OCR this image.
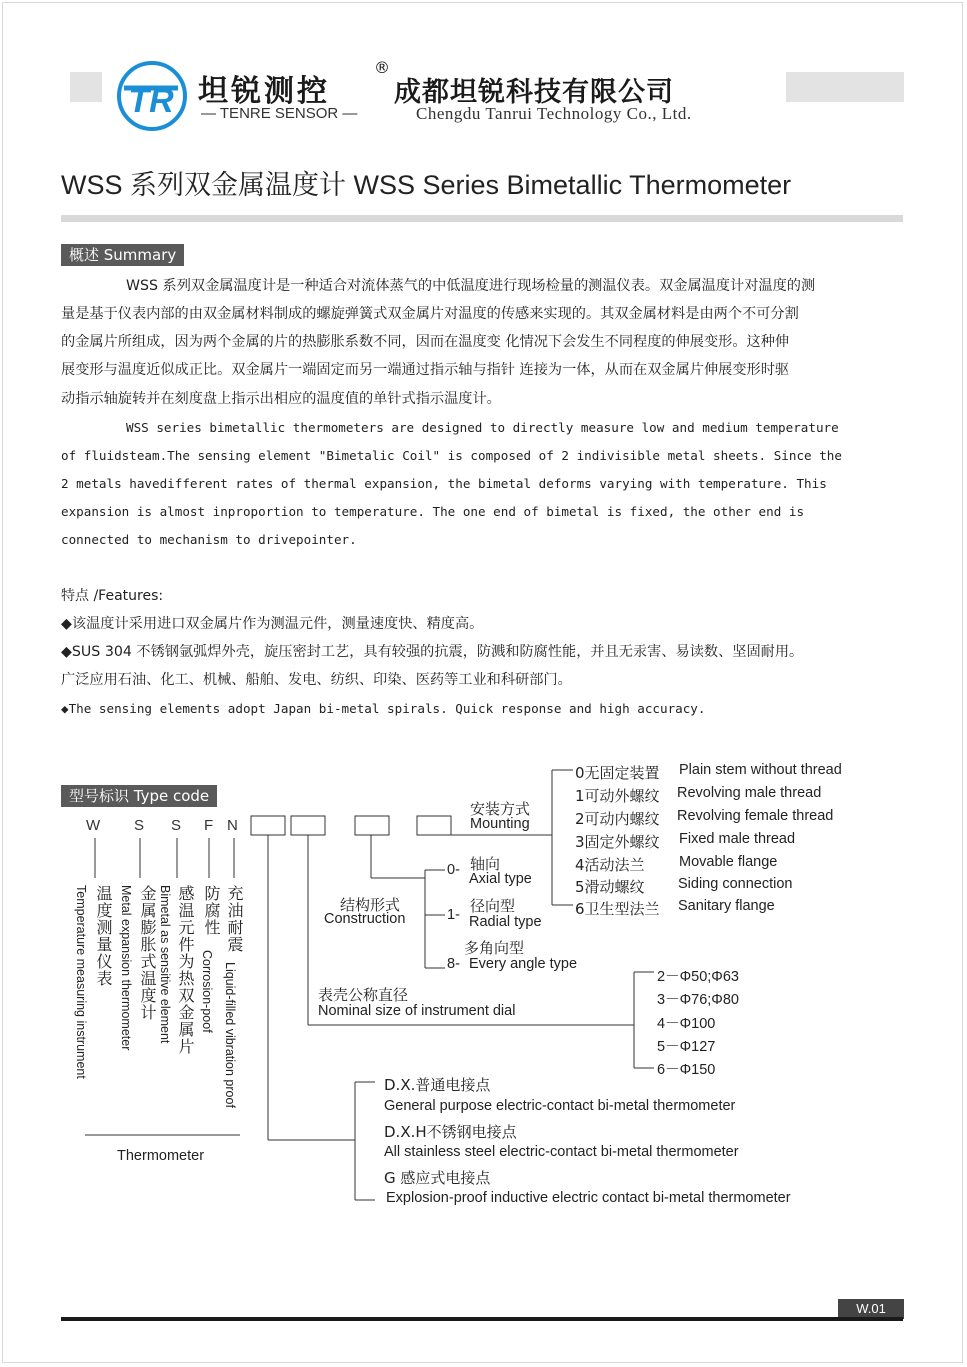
TR 坦锐测控
®
成都坦锐科技有限公司
— TENRE SENSOR —	Chengdu Tanrui Technology Co., Ltd.
WSS 系列双金属温度计 WSS Series Bimetallic Thermometer
概述 Summary
WSS 系列双金属温度计是一种适合对流体蒸气的中低温度进行现场检量的测温仪表。双金属温度计对温度的测
量是基于仪表内部的由双金属材料制成的螺旋弹簧式双金属片对温度的传感来实现的。其双金属材料是由两个不可分割
的金属片所组成，因为两个金属的片的热膨胀系数不同，因而在温度变 化情况下会发生不同程度的伸展变形。这种伸
展变形与温度近似成正比。双金属片一端固定而另一端通过指示轴与指针 连接为一体，从而在双金属片伸展变形时驱
动指示轴旋转并在刻度盘上指示出相应的温度值的单针式指示温度计。
WSS series bimetallic thermometers are designed to directly measure low and medium temperature
of fluidsteam.The sensing element "Bimetalic Coil" is composed of 2 indivisible metal sheets. Since the
2 metals havedifferent rates of thermal expansion, the bimetal deforms varying with temperature. This
expansion is almost inproportion to temperature. The one end of bimetal is fixed, the other end is
connected to mechanism to drivepointer.
特点 /Features:
◆该温度计采用进口双金属片作为测温元件，测量速度快、精度高。
◆SUS 304 不锈钢氩弧焊外壳，旋压密封工艺，具有较强的抗震，防溅和防腐性能，并且无汞害、易读数、坚固耐用。
广泛应用石油、化工、机械、船舶、发电、纺织、印染、医药等工业和科研部门。
◆The sensing elements adopt Japan bi-metal spirals. Quick response and high accuracy.
型号标识 Type code
W S S F N
温度测量仪表
Temperature measuring instrument	金属膨胀式温度计
Metal expansion thermometer	感温元件为热双金属片
Bimetal as sensitive element 防腐性
Corrosion-poof
充油耐震
Liquid-filled vibration proof
Thermometer
安装方式
Mounting
0无固定装置 Plain stem without thread
1可动外螺纹 Revolving male thread
2可动内螺纹 Revolving female thread
3固定外螺纹 Fixed male thread
4活动法兰 Movable flange
5滑动螺纹 Siding connection
6卫生型法兰 Sanitary flange
结构形式
Construction
0- 轴向
Axial type
1- 径向型
Radial type
多角向型
8- Every angle type
表壳公称直径
Nominal size of instrument dial
2－Φ50;Φ63
3－Φ76;Φ80
4－Φ100
5－Φ127
6－Φ150
D.X.普通电接点
General purpose electric-contact bi-metal thermometer
D.X.H不锈钢电接点
All stainless steel electric-contact bi-metal thermometer
G 感应式电接点
Explosion-proof inductive electric contact bi-metal thermometer
W.01
